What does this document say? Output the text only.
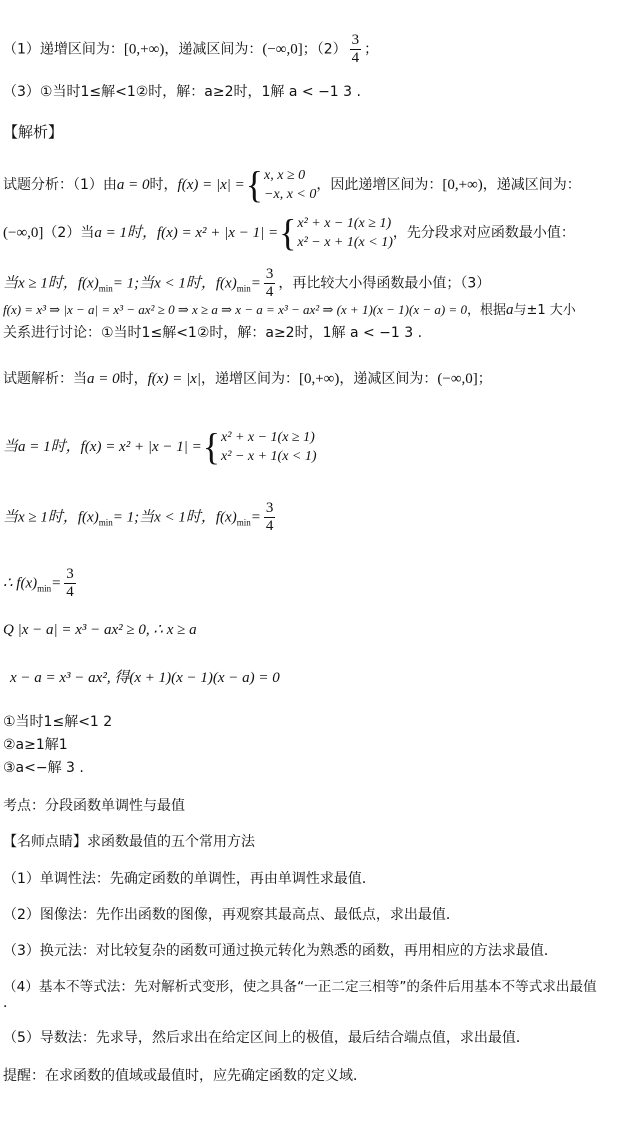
（1）递增区间为：[0,+∞)，递减区间为：(−∞,0]；$(2) \frac{3}{4}$ ；
（3）①当时1≤解<1②时，解：a≥2时，1解 a < −1 3 .
【解析】
试题分析：（1）由a = 0时，f(x) = |x| ={ x, x ≥ 0
−x, x < 0
，因此递增区间为：[0,+∞)，递减区间为：
(−∞,0]（2）当a = 1时，f(x) = x² + |x − 1| ={ x² + x − 1(x ≥ 1)
x² − x + 1(x < 1)
，先分段求对应函数最小值：
当x ≥ 1时，$f(x)_{min}= 1$;当x < 1时，$f(x)_{min}= \frac{3}{4}$ ，再比较大小得函数最小值；（3）
f(x) = x³ ⇒ |x − a| = x³ − ax² ≥ 0 ⇒ x ≥ a ⇒ x − a = x³ − ax² ⇒ (x + 1)(x − 1)(x − a) = 0，根据a与±1 大小
关系进行讨论：①当时1≤解<1②时，解：a≥2时，1解 a < −1 3 .
试题解析：当a = 0时，f(x) = |x|，递增区间为：[0,+∞)，递减区间为：(−∞,0]；
当a = 1时，f(x) = x² + |x − 1| ={ x² + x − 1(x ≥ 1)
x² − x + 1(x < 1)
当x ≥ 1时，$f(x)_{min}= 1$;当x < 1时，$f(x)_{min}= \frac{3}{4}$
∴ $f(x)_{min}= \frac{3}{4}$
Q |x − a| = x³ − ax² ≥ 0, ∴ x ≥ a
x − a = x³ − ax², 得(x + 1)(x − 1)(x − a) = 0
①当时1≤解<1 2
②a≥1解1
③a<−解 3 .
考点：分段函数单调性与最值
【名师点睛】求函数最值的五个常用方法
（1）单调性法：先确定函数的单调性，再由单调性求最值．
（2）图像法：先作出函数的图像，再观察其最高点、最低点，求出最值．
（3）换元法：对比较复杂的函数可通过换元转化为熟悉的函数，再用相应的方法求最值．
（4）基本不等式法：先对解析式变形，使之具备“一正二定三相等”的条件后用基本不等式求出最值
．
（5）导数法：先求导，然后求出在给定区间上的极值，最后结合端点值，求出最值．
提醒：在求函数的值域或最值时，应先确定函数的定义域．
